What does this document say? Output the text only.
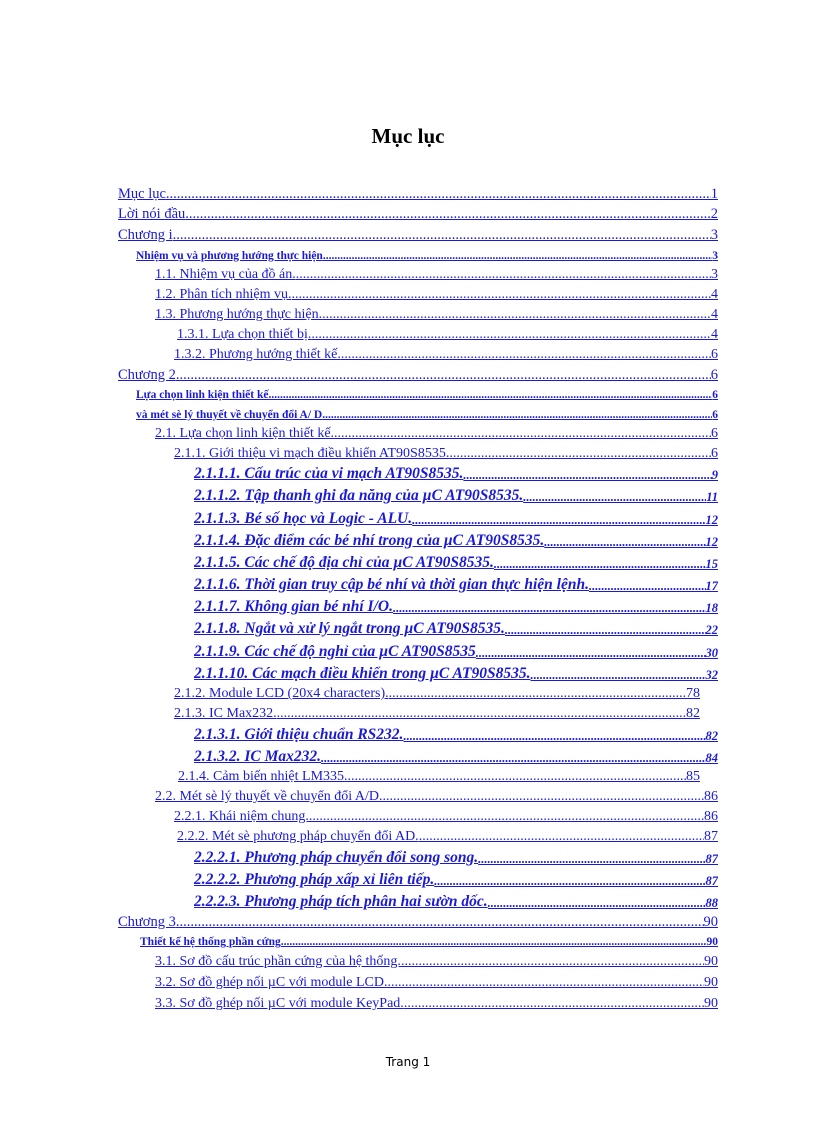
Mục lục
Mục lục .....	1
Lời nói đầu .....	2
Chương i .....	3
Nhiệm vụ và phương hướng thực hiện .....	3
1.1. Nhiệm vụ của đồ án. .....	3
1.2. Phân tích nhiệm vụ. .....	4
1.3. Phương hướng thực hiện. .....	4
1.3.1. Lựa chọn thiết bị. .....	4
1.3.2. Phương hướng thiết kế. .....	6
Chương 2 .....	6
Lựa chọn linh kiện thiết kế .....	6
và mét sè lý thuyết về chuyển đổi A/ D .....	6
2.1. Lựa chọn linh kiện thiết kế. .....	6
2.1.1. Giới thiệu vi mạch điều khiển AT90S8535. .....	6
2.1.1.1. Cấu trúc của vi mạch AT90S8535. .....	9
2.1.1.2. Tập thanh ghi đa năng của µC AT90S8535. .....	11
2.1.1.3. Bé số học và Logic - ALU. .....	12
2.1.1.4. Đặc điểm các bé nhí trong của µC AT90S8535. .....	12
2.1.1.5. Các chế độ địa chỉ của µC AT90S8535. .....	15
2.1.1.6. Thời gian truy cập bé nhí và thời gian thực hiện lệnh. .....	17
2.1.1.7. Không gian bé nhí I/O. .....	18
2.1.1.8. Ngắt và xử lý ngắt trong µC AT90S8535. .....	22
2.1.1.9. Các chế độ nghỉ của µC AT90S8535 .....	30
2.1.1.10. Các mạch điều khiển trong µC AT90S8535. .....	32
2.1.2. Module LCD (20x4 characters). .....	78
2.1.3. IC Max232. .....	82
2.1.3.1. Giới thiệu chuẩn RS232. .....	82
2.1.3.2. IC Max232. .....	84
2.1.4. Cảm biến nhiệt LM335 .....	85
2.2. Mét sè lý thuyết về chuyển đổi A/D. .....	86
2.2.1. Khái niệm chung. .....	86
2.2.2. Mét sè phương pháp chuyển đổi AD. .....	87
2.2.2.1. Phương pháp chuyển đổi song song. .....	87
2.2.2.2. Phương pháp xấp xỉ liên tiếp. .....	87
2.2.2.3. Phương pháp tích phân hai sườn dốc. .....	88
Chương 3 .....	90
Thiết kế hệ thống phần cứng .....	90
3.1. Sơ đồ cấu trúc phần cứng của hệ thống. .....	90
3.2. Sơ đồ ghép nối µC với module LCD. .....	90
3.3. Sơ đồ ghép nối µC với module KeyPad. .....	90
Trang 1
